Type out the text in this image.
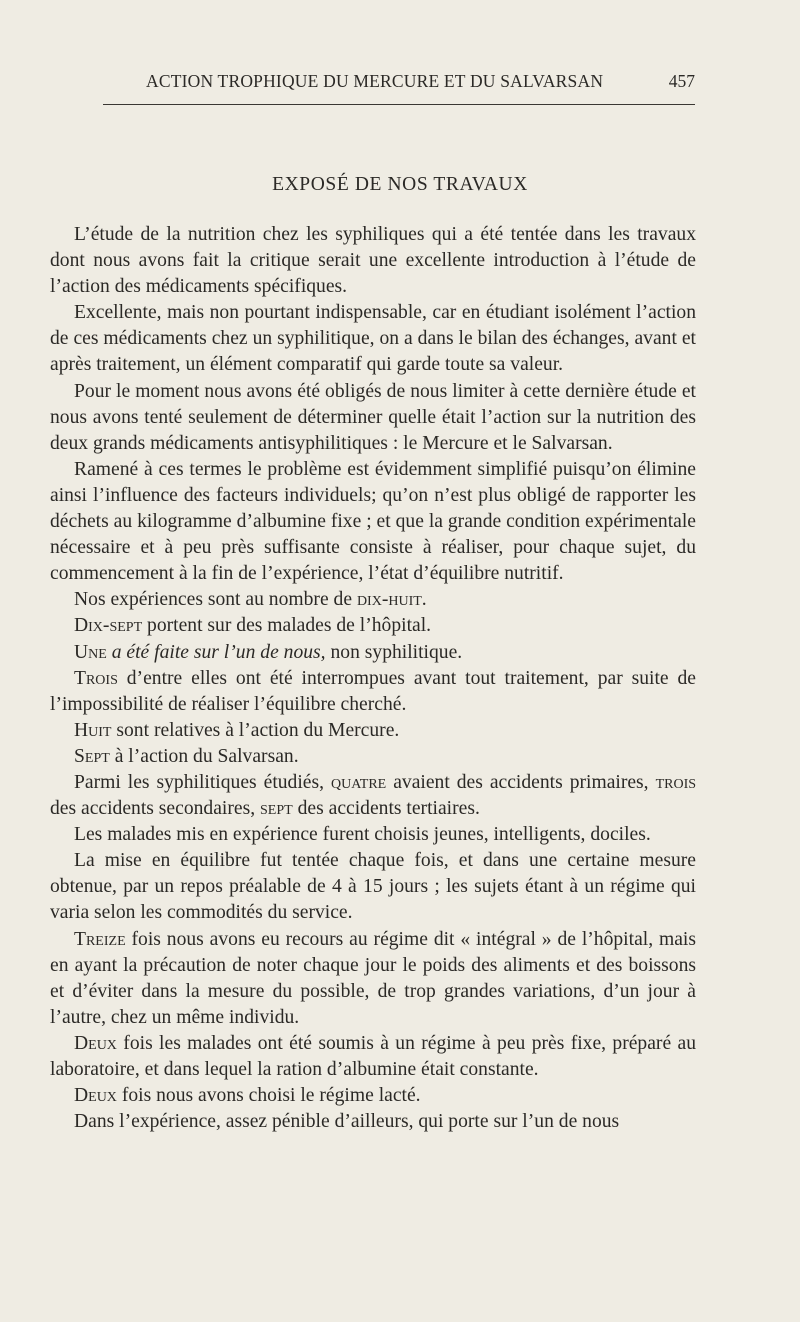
ACTION TROPHIQUE DU MERCURE ET DU SALVARSAN	457
EXPOSÉ DE NOS TRAVAUX

L’étude de la nutrition chez les syphiliques qui a été tentée dans les travaux dont nous avons fait la critique serait une excellente introduction à l’étude de l’action des médicaments spécifiques.

Excellente, mais non pourtant indispensable, car en étudiant isolément l’action de ces médicaments chez un syphilitique, on a dans le bilan des échanges, avant et après traitement, un élément comparatif qui garde toute sa valeur.

Pour le moment nous avons été obligés de nous limiter à cette dernière étude et nous avons tenté seulement de déterminer quelle était l’action sur la nutrition des deux grands médicaments antisyphilitiques : le Mercure et le Salvarsan.

Ramené à ces termes le problème est évidemment simplifié puisqu’on élimine ainsi l’influence des facteurs individuels; qu’on n’est plus obligé de rapporter les déchets au kilogramme d’albumine fixe ; et que la grande condition expérimentale nécessaire et à peu près suffisante consiste à réaliser, pour chaque sujet, du commencement à la fin de l’expérience, l’état d’équilibre nutritif.

Nos expériences sont au nombre de dix-huit.

Dix-sept portent sur des malades de l’hôpital.

Une a été faite sur l’un de nous, non syphilitique.

Trois d’entre elles ont été interrompues avant tout traitement, par suite de l’impossibilité de réaliser l’équilibre cherché.

Huit sont relatives à l’action du Mercure.

Sept à l’action du Salvarsan.

Parmi les syphilitiques étudiés, quatre avaient des accidents primaires, trois des accidents secondaires, sept des accidents tertiaires.

Les malades mis en expérience furent choisis jeunes, intelligents, dociles.

La mise en équilibre fut tentée chaque fois, et dans une certaine mesure obtenue, par un repos préalable de 4 à 15 jours ; les sujets étant à un régime qui varia selon les commodités du service.

Treize fois nous avons eu recours au régime dit « intégral » de l’hôpital, mais en ayant la précaution de noter chaque jour le poids des aliments et des boissons et d’éviter dans la mesure du possible, de trop grandes variations, d’un jour à l’autre, chez un même individu.

Deux fois les malades ont été soumis à un régime à peu près fixe, préparé au laboratoire, et dans lequel la ration d’albumine était constante.

Deux fois nous avons choisi le régime lacté.

Dans l’expérience, assez pénible d’ailleurs, qui porte sur l’un de nous
